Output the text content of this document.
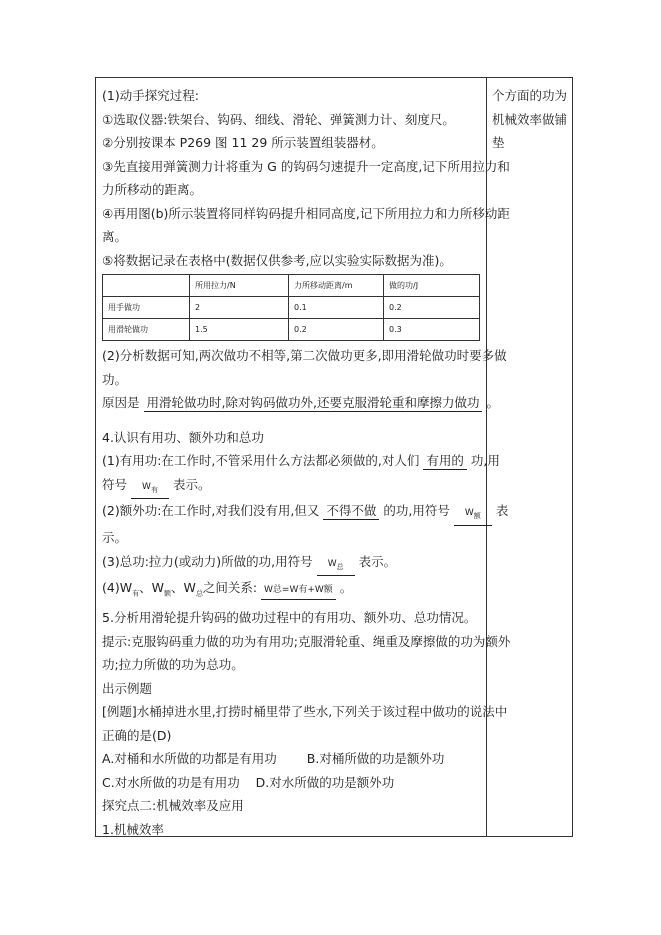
(1)动手探究过程:
①选取仪器:铁架台、钩码、细线、滑轮、弹簧测力计、刻度尺。
②分别按课本 P269 图 11 29 所示装置组装器材。
③先直接用弹簧测力计将重为 G 的钩码匀速提升一定高度,记下所用拉力和
力所移动的距离。
④再用图(b)所示装置将同样钩码提升相同高度,记下所用拉力和力所移动距
离。
⑤将数据记录在表格中(数据仅供参考,应以实验实际数据为准)。
	所用拉力/N	力所移动距离/m	做的功/J
用手做功	2	0.1	0.2
用滑轮做功	1.5	0.2	0.3
(2)分析数据可知,两次做功不相等,第二次做功更多,即用滑轮做功时要多做
功。
原因是 用滑轮做功时,除对钩码做功外,还要克服滑轮重和摩擦力做功 。
4.认识有用功、额外功和总功
(1)有用功:在工作时,不管采用什么方法都必须做的,对人们 有用的 功,用
符号 $W_有$ 表示。
(2)额外功:在工作时,对我们没有用,但又 不得不做 的功,用符号 $W_额$ 表
示。
(3)总功:拉力(或动力)所做的功,用符号 $W_总$ 表示。
$(4)W_有$、$W_额$、$W_总$之间关系: W总=W有+W额 。
5.分析用滑轮提升钩码的做功过程中的有用功、额外功、总功情况。
提示:克服钩码重力做的功为有用功;克服滑轮重、绳重及摩擦做的功为额外
功;拉力所做的功为总功。
出示例题
[例题]水桶掉进水里,打捞时桶里带了些水,下列关于该过程中做功的说法中
正确的是(D)
A.对桶和水所做的功都是有用功 B.对桶所做的功是额外功
C.对水所做的功是有用功 D.对水所做的功是额外功
探究点二:机械效率及应用
1.机械效率
个方面的功为
机械效率做铺
垫
